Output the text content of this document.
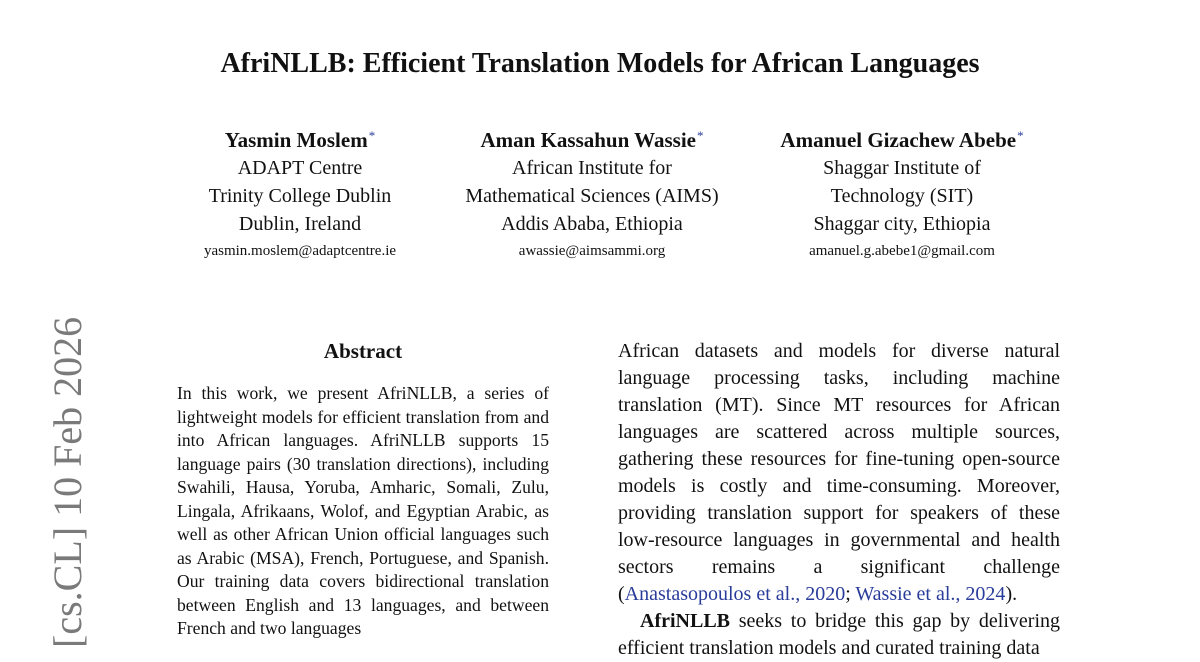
AfriNLLB: Efficient Translation Models for African Languages
Yasmin Moslem*
ADAPT Centre
Trinity College Dublin
Dublin, Ireland
yasmin.moslem@adaptcentre.ie
Aman Kassahun Wassie*
African Institute for
Mathematical Sciences (AIMS)
Addis Ababa, Ethiopia
awassie@aimsammi.org
Amanuel Gizachew Abebe*
Shaggar Institute of
Technology (SIT)
Shaggar city, Ethiopia
amanuel.g.abebe1@gmail.com
Abstract
In this work, we present AfriNLLB, a series of lightweight models for efficient translation from and into African languages. AfriNLLB supports 15 language pairs (30 translation directions), including Swahili, Hausa, Yoruba, Amharic, Somali, Zulu, Lingala, Afrikaans, Wolof, and Egyptian Arabic, as well as other African Union official languages such as Arabic (MSA), French, Portuguese, and Spanish. Our training data covers bidirectional translation between English and 13 languages, and between French and two languages

African datasets and models for diverse natural language processing tasks, including machine translation (MT). Since MT resources for African languages are scattered across multiple sources, gathering these resources for fine-tuning open-source models is costly and time-consuming. Moreover, providing translation support for speakers of these low-resource languages in governmental and health sectors remains a significant challenge (Anastasopoulos et al., 2020; Wassie et al., 2024).

AfriNLLB seeks to bridge this gap by delivering efficient translation models and curated training data

[cs.CL] 10 Feb 2026
